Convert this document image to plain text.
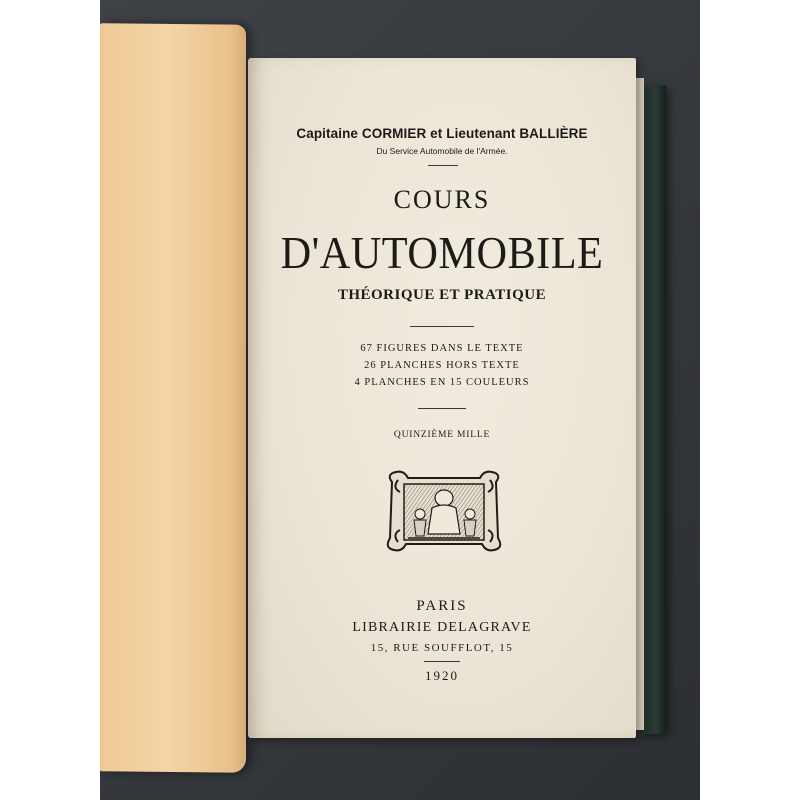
Capitaine CORMIER et Lieutenant BALLIÈRE
Du Service Automobile de l'Armée.
COURS
D'AUTOMOBILE
THÉORIQUE ET PRATIQUE
67 FIGURES DANS LE TEXTE
26 PLANCHES HORS TEXTE
4 PLANCHES EN 15 COULEURS
QUINZIÈME MILLE
PARIS
LIBRAIRIE DELAGRAVE
15, RUE SOUFFLOT, 15
1920
